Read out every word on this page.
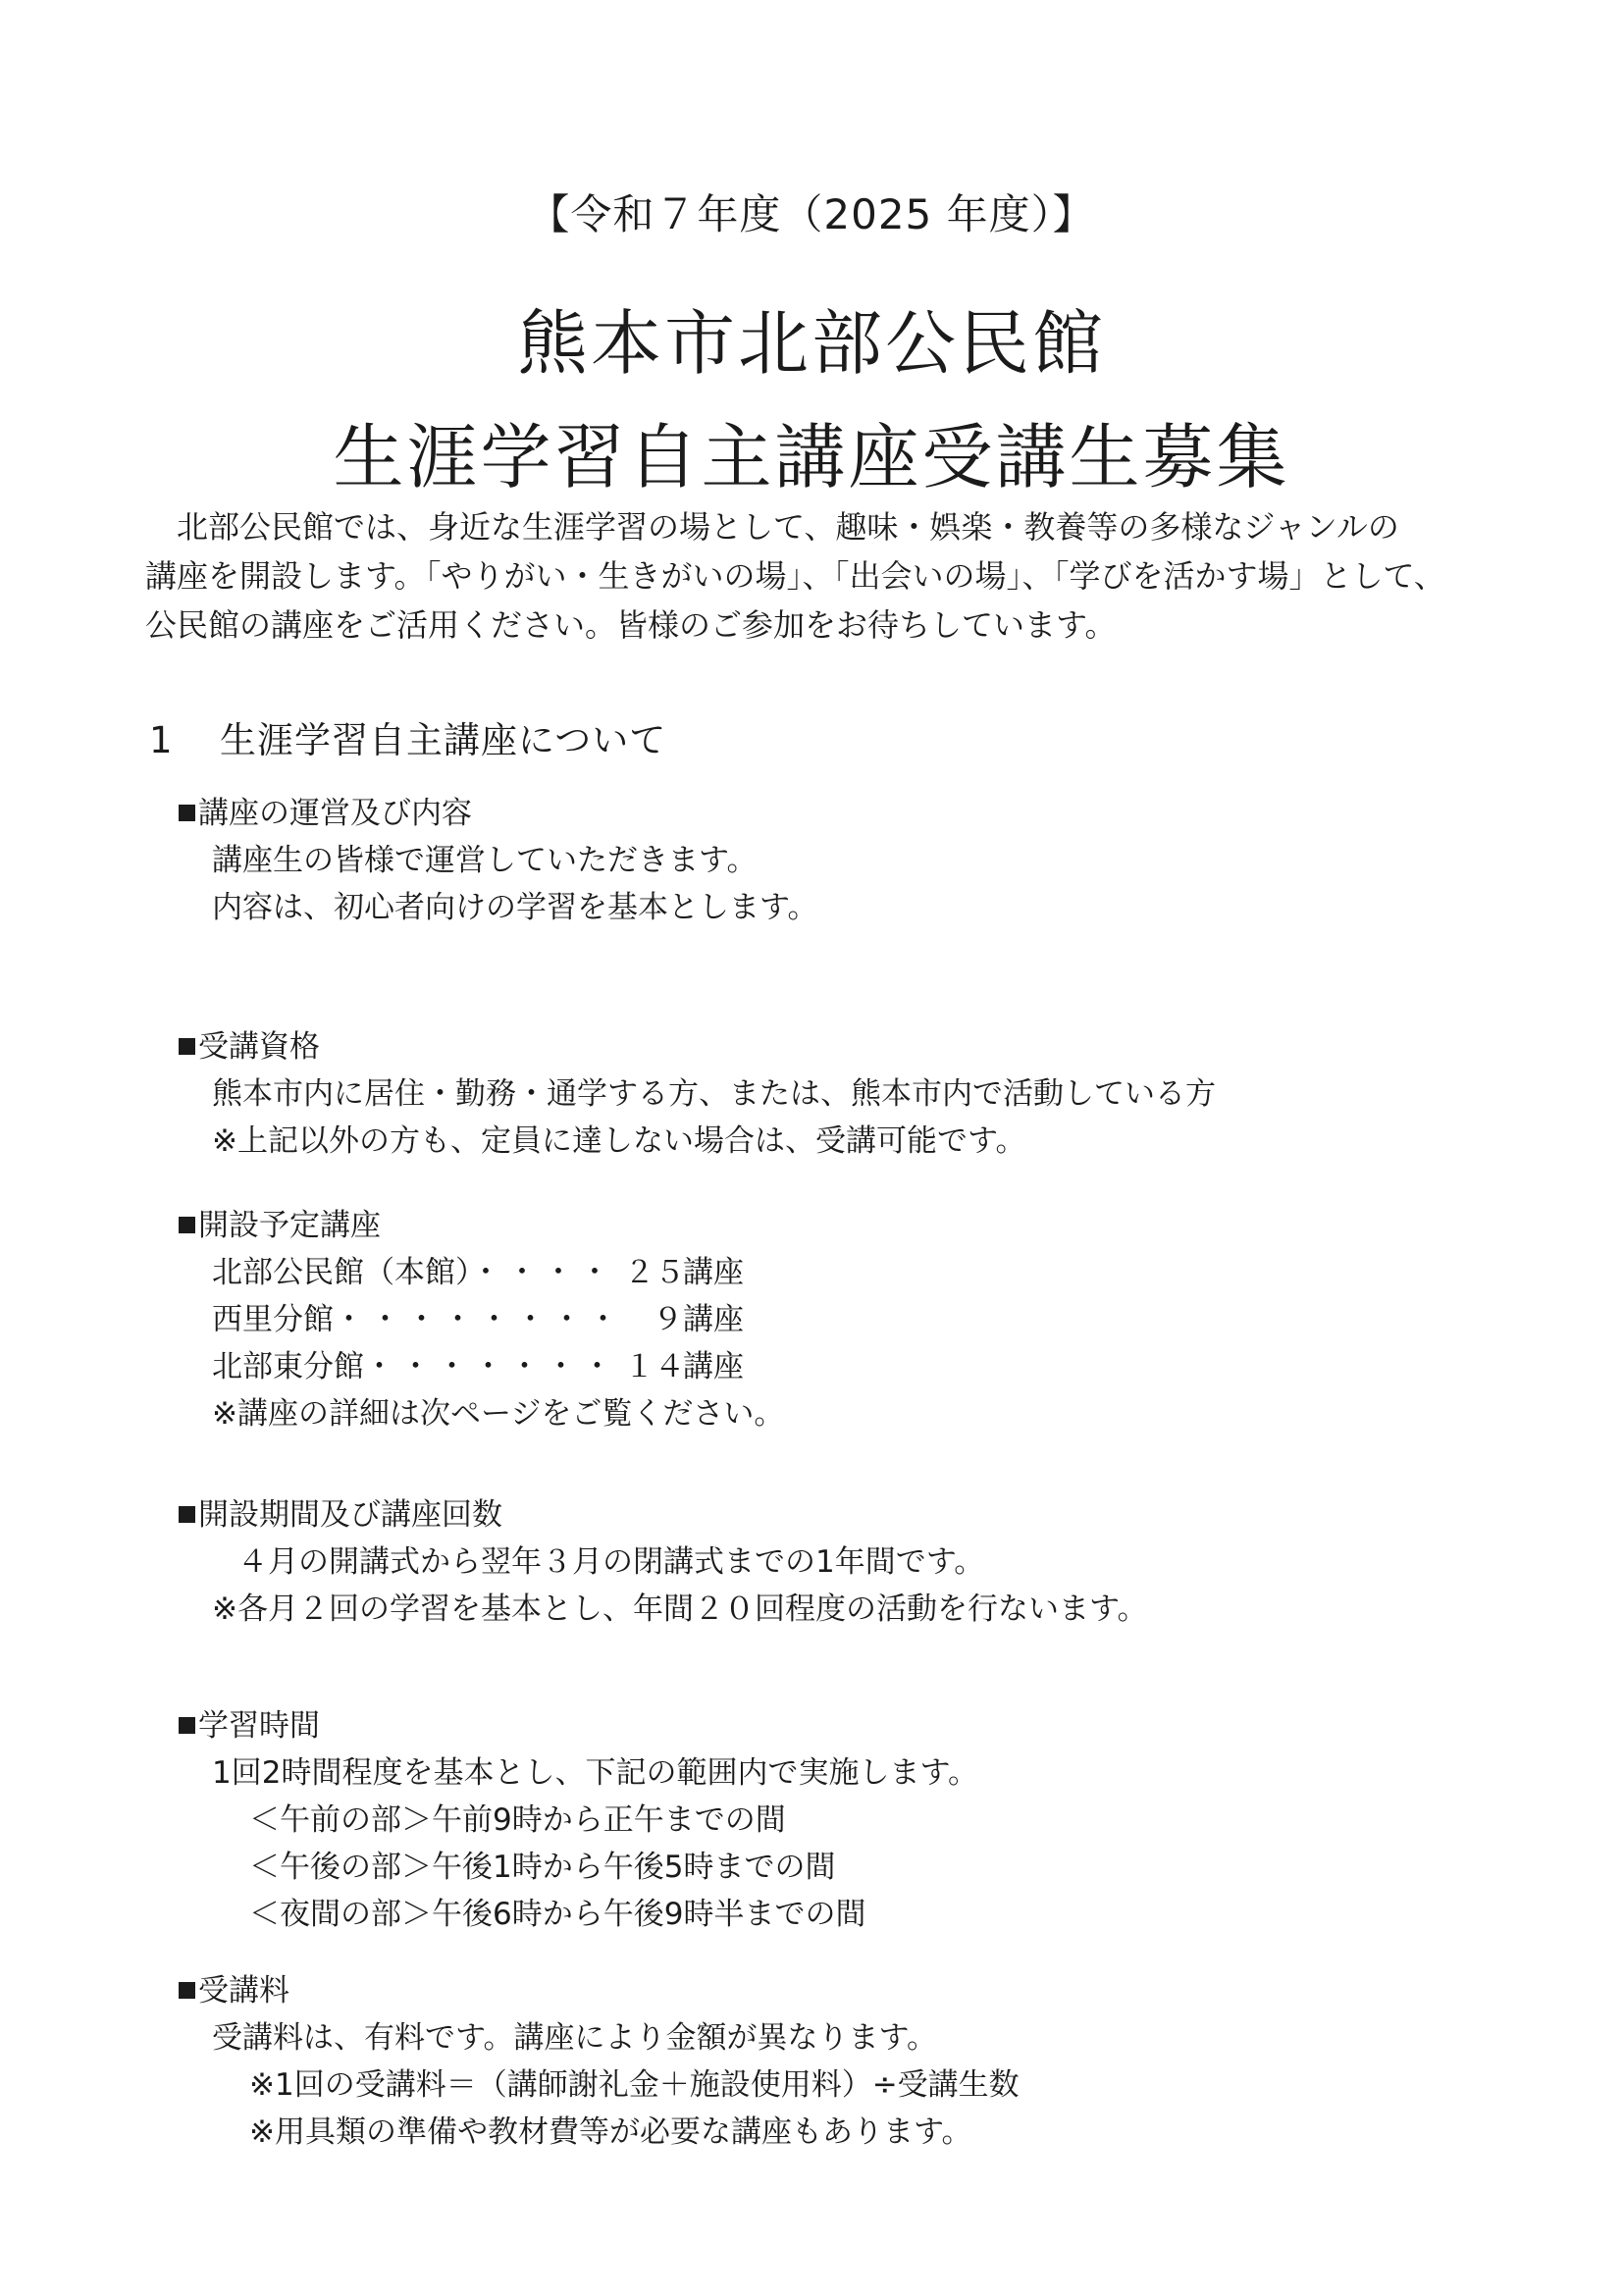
【令和７年度（2025 年度）】
熊本市北部公民館
生涯学習自主講座受講生募集

北部公民館では、身近な生涯学習の場として、趣味・娯楽・教養等の多様なジャンルの

講座を開設します。「やりがい・生きがいの場」、「出会いの場」、「学びを活かす場」として、

公民館の講座をご活用ください。皆様のご参加をお待ちしています。

1 生涯学習自主講座について
講座の運営及び内容
講座生の皆様で運営していただきます。
内容は、初心者向けの学習を基本とします。
受講資格
熊本市内に居住・勤務・通学する方、または、熊本市内で活動している方
※上記以外の方も、定員に達しない場合は、受講可能です。
開設予定講座
北部公民館（本館）・・・・ ２５講座
西里分館・・・・・・・・ ９講座
北部東分館・・・・・・・ １４講座
※講座の詳細は次ページをご覧ください。
開設期間及び講座回数
４月の開講式から翌年３月の閉講式までの1年間です。
※各月２回の学習を基本とし、年間２０回程度の活動を行ないます。
学習時間
1回2時間程度を基本とし、下記の範囲内で実施します。
＜午前の部＞午前9時から正午までの間
＜午後の部＞午後1時から午後5時までの間
＜夜間の部＞午後6時から午後9時半までの間
受講料
受講料は、有料です。講座により金額が異なります。
※1回の受講料＝（講師謝礼金＋施設使用料）÷受講生数
※用具類の準備や教材費等が必要な講座もあります。
